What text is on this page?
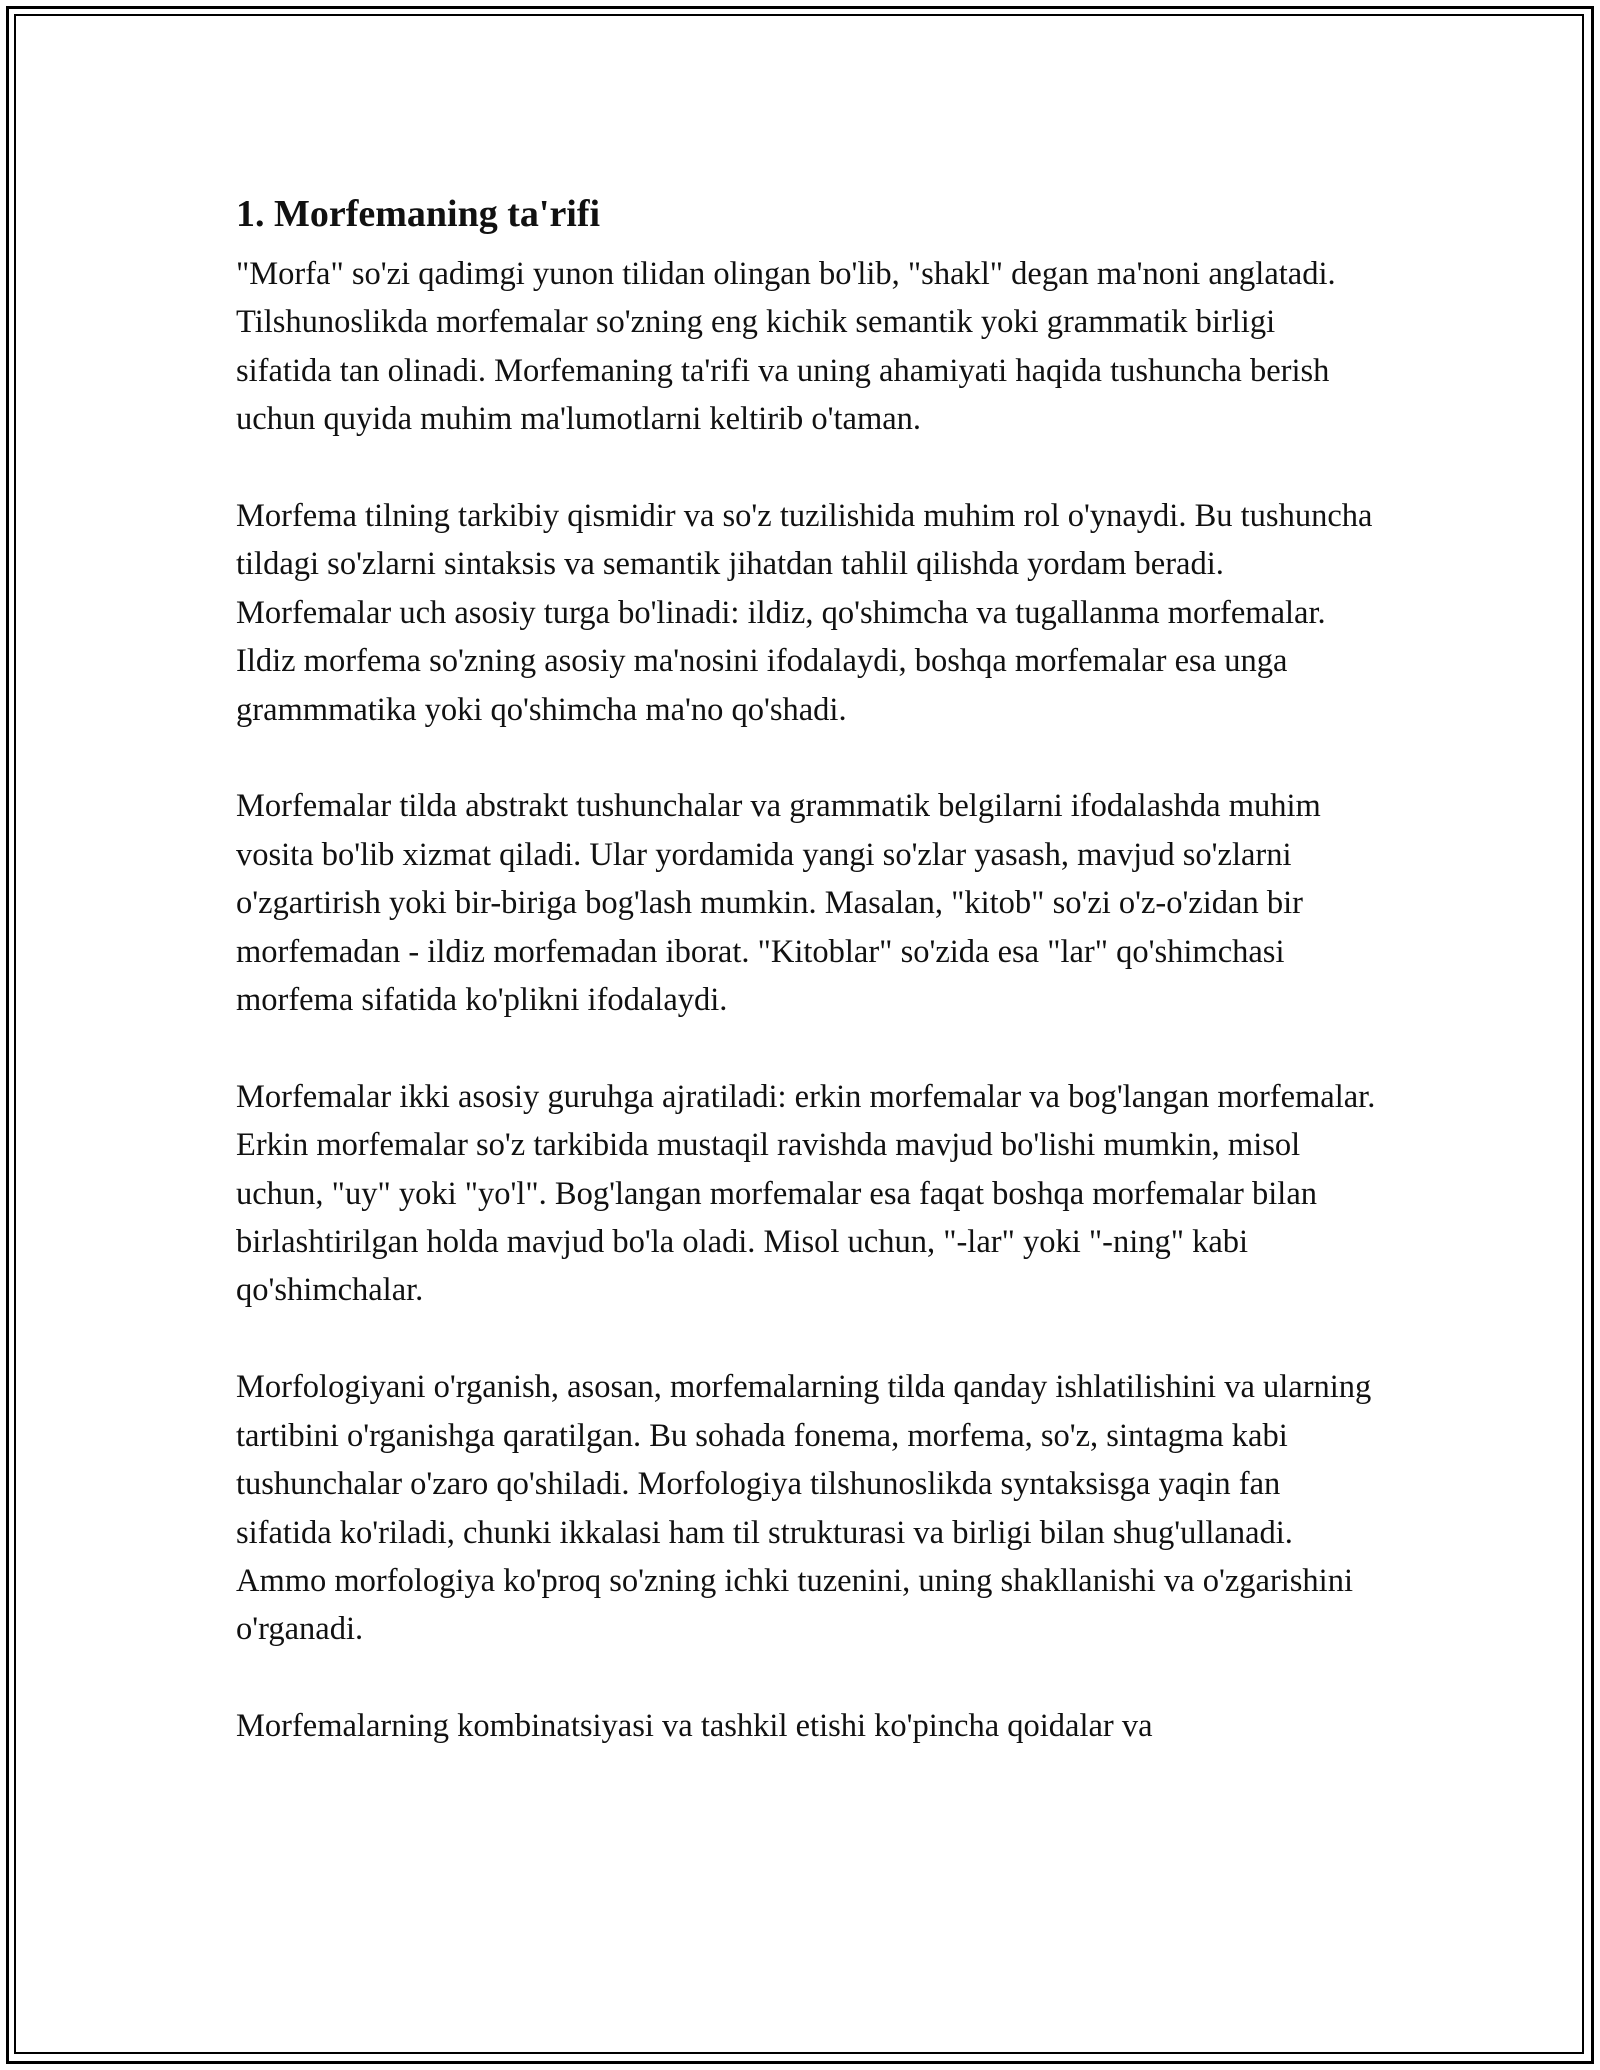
1. Morfemaning ta'rifi

"Morfa" so'zi qadimgi yunon tilidan olingan bo'lib, "shakl" degan ma'noni anglatadi. Tilshunoslikda morfemalar so'zning eng kichik semantik yoki grammatik birligi sifatida tan olinadi. Morfemaning ta'rifi va uning ahamiyati haqida tushuncha berish uchun quyida muhim ma'lumotlarni keltirib o'taman.

Morfema tilning tarkibiy qismidir va so'z tuzilishida muhim rol o'ynaydi. Bu tushuncha tildagi so'zlarni sintaksis va semantik jihatdan tahlil qilishda yordam beradi. Morfemalar uch asosiy turga bo'linadi: ildiz, qo'shimcha va tugallanma morfemalar. Ildiz morfema so'zning asosiy ma'nosini ifodalaydi, boshqa morfemalar esa unga grammmatika yoki qo'shimcha ma'no qo'shadi.

Morfemalar tilda abstrakt tushunchalar va grammatik belgilarni ifodalashda muhim vosita bo'lib xizmat qiladi. Ular yordamida yangi so'zlar yasash, mavjud so'zlarni o'zgartirish yoki bir-biriga bog'lash mumkin. Masalan, "kitob" so'zi o'z-o'zidan bir morfemadan - ildiz morfemadan iborat. "Kitoblar" so'zida esa "lar" qo'shimchasi morfema sifatida ko'plikni ifodalaydi.

Morfemalar ikki asosiy guruhga ajratiladi: erkin morfemalar va bog'langan morfemalar. Erkin morfemalar so'z tarkibida mustaqil ravishda mavjud bo'lishi mumkin, misol uchun, "uy" yoki "yo'l". Bog'langan morfemalar esa faqat boshqa morfemalar bilan birlashtirilgan holda mavjud bo'la oladi. Misol uchun, "-lar" yoki "-ning" kabi qo'shimchalar.

Morfologiyani o'rganish, asosan, morfemalarning tilda qanday ishlatilishini va ularning tartibini o'rganishga qaratilgan. Bu sohada fonema, morfema, so'z, sintagma kabi tushunchalar o'zaro qo'shiladi. Morfologiya tilshunoslikda syntaksisga yaqin fan sifatida ko'riladi, chunki ikkalasi ham til strukturasi va birligi bilan shug'ullanadi. Ammo morfologiya ko'proq so'zning ichki tuzenini, uning shakllanishi va o'zgarishini o'rganadi.

Morfemalarning kombinatsiyasi va tashkil etishi ko'pincha qoidalar va
